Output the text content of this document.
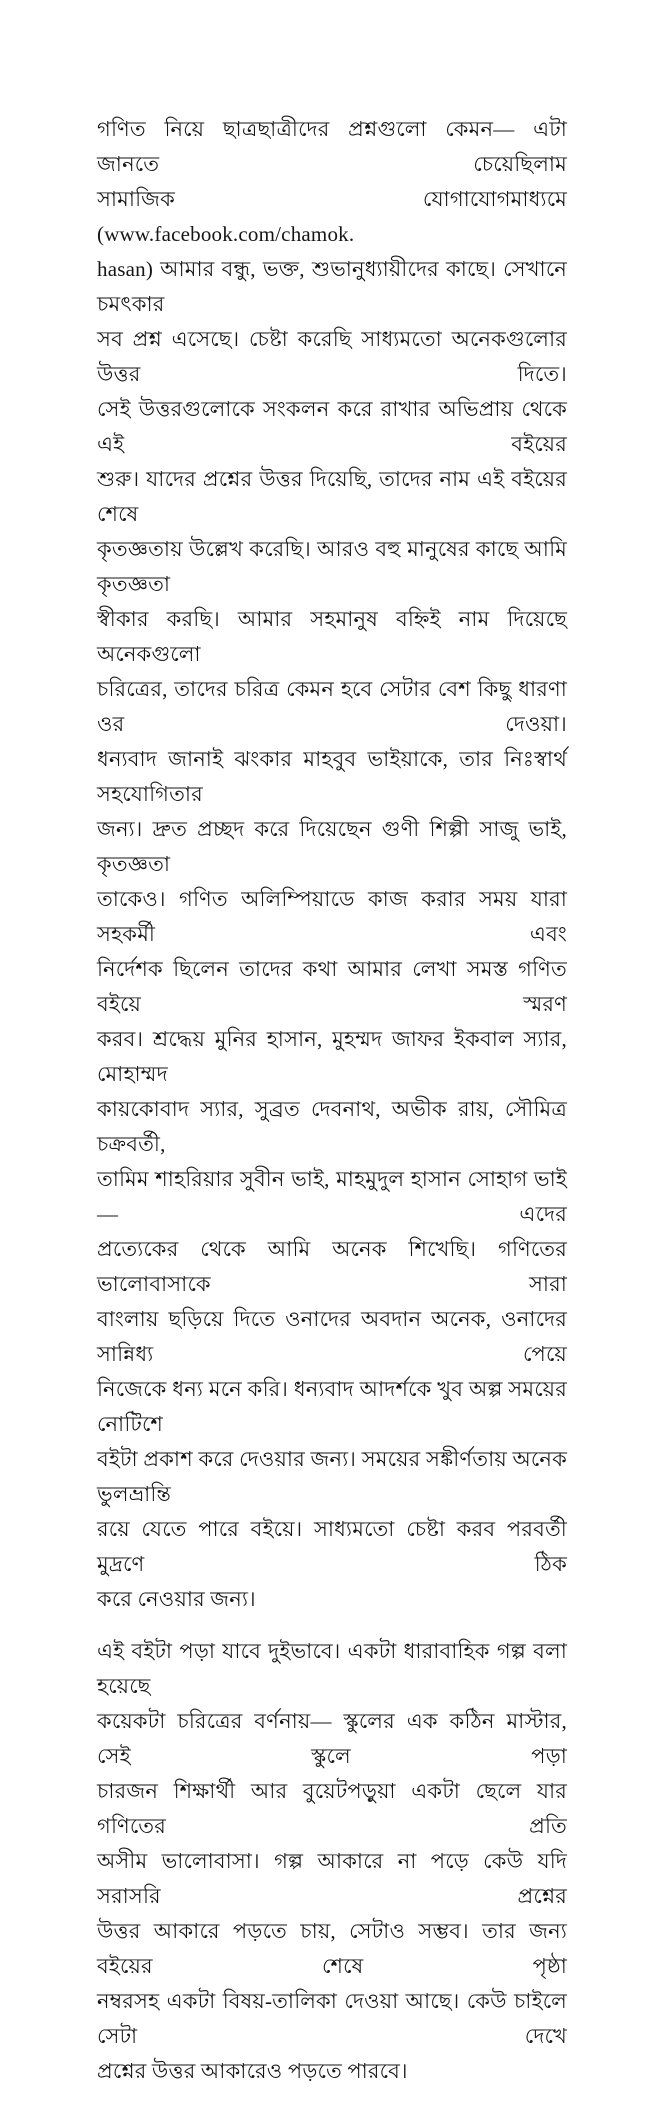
গণিত নিয়ে ছাত্রছাত্রীদের প্রশ্নগুলো কেমন— এটা জানতে চেয়েছিলাম
সামাজিক যোগাযোগমাধ্যমে (www.facebook.com/chamok.
hasan) আমার বন্ধু, ভক্ত, শুভানুধ্যায়ীদের কাছে। সেখানে চমৎকার
সব প্রশ্ন এসেছে। চেষ্টা করেছি সাধ্যমতো অনেকগুলোর উত্তর দিতে।
সেই উত্তরগুলোকে সংকলন করে রাখার অভিপ্রায় থেকে এই বইয়ের
শুরু। যাদের প্রশ্নের উত্তর দিয়েছি, তাদের নাম এই বইয়ের শেষে
কৃতজ্ঞতায় উল্লেখ করেছি। আরও বহু মানুষের কাছে আমি কৃতজ্ঞতা
স্বীকার করছি। আমার সহমানুষ বহ্নিই নাম দিয়েছে অনেকগুলো
চরিত্রের, তাদের চরিত্র কেমন হবে সেটার বেশ কিছু ধারণা ওর দেওয়া।
ধন্যবাদ জানাই ঝংকার মাহবুব ভাইয়াকে, তার নিঃস্বার্থ সহযোগিতার
জন্য। দ্রুত প্রচ্ছদ করে দিয়েছেন গুণী শিল্পী সাজু ভাই, কৃতজ্ঞতা
তাকেও। গণিত অলিম্পিয়াডে কাজ করার সময় যারা সহকর্মী এবং
নির্দেশক ছিলেন তাদের কথা আমার লেখা সমস্ত গণিত বইয়ে স্মরণ
করব। শ্রদ্ধেয় মুনির হাসান, মুহম্মদ জাফর ইকবাল স্যার, মোহাম্মদ
কায়কোবাদ স্যার, সুব্রত দেবনাথ, অভীক রায়, সৌমিত্র চক্রবর্তী,
তামিম শাহরিয়ার সুবীন ভাই, মাহমুদুল হাসান সোহাগ ভাই— এদের
প্রত্যেকের থেকে আমি অনেক শিখেছি। গণিতের ভালোবাসাকে সারা
বাংলায় ছড়িয়ে দিতে ওনাদের অবদান অনেক, ওনাদের সান্নিধ্য পেয়ে
নিজেকে ধন্য মনে করি। ধন্যবাদ আদর্শকে খুব অল্প সময়ের নোটিশে
বইটা প্রকাশ করে দেওয়ার জন্য। সময়ের সঙ্কীর্ণতায় অনেক ভুলভ্রান্তি
রয়ে যেতে পারে বইয়ে। সাধ্যমতো চেষ্টা করব পরবর্তী মুদ্রণে ঠিক
করে নেওয়ার জন্য।
এই বইটা পড়া যাবে দুইভাবে। একটা ধারাবাহিক গল্প বলা হয়েছে
কয়েকটা চরিত্রের বর্ণনায়— স্কুলের এক কঠিন মাস্টার, সেই স্কুলে পড়া
চারজন শিক্ষার্থী আর বুয়েটপড়ুয়া একটা ছেলে যার গণিতের প্রতি
অসীম ভালোবাসা। গল্প আকারে না পড়ে কেউ যদি সরাসরি প্রশ্নের
উত্তর আকারে পড়তে চায়, সেটাও সম্ভব। তার জন্য বইয়ের শেষে পৃষ্ঠা
নম্বরসহ একটা বিষয়-তালিকা দেওয়া আছে। কেউ চাইলে সেটা দেখে
প্রশ্নের উত্তর আকারেও পড়তে পারবে।
